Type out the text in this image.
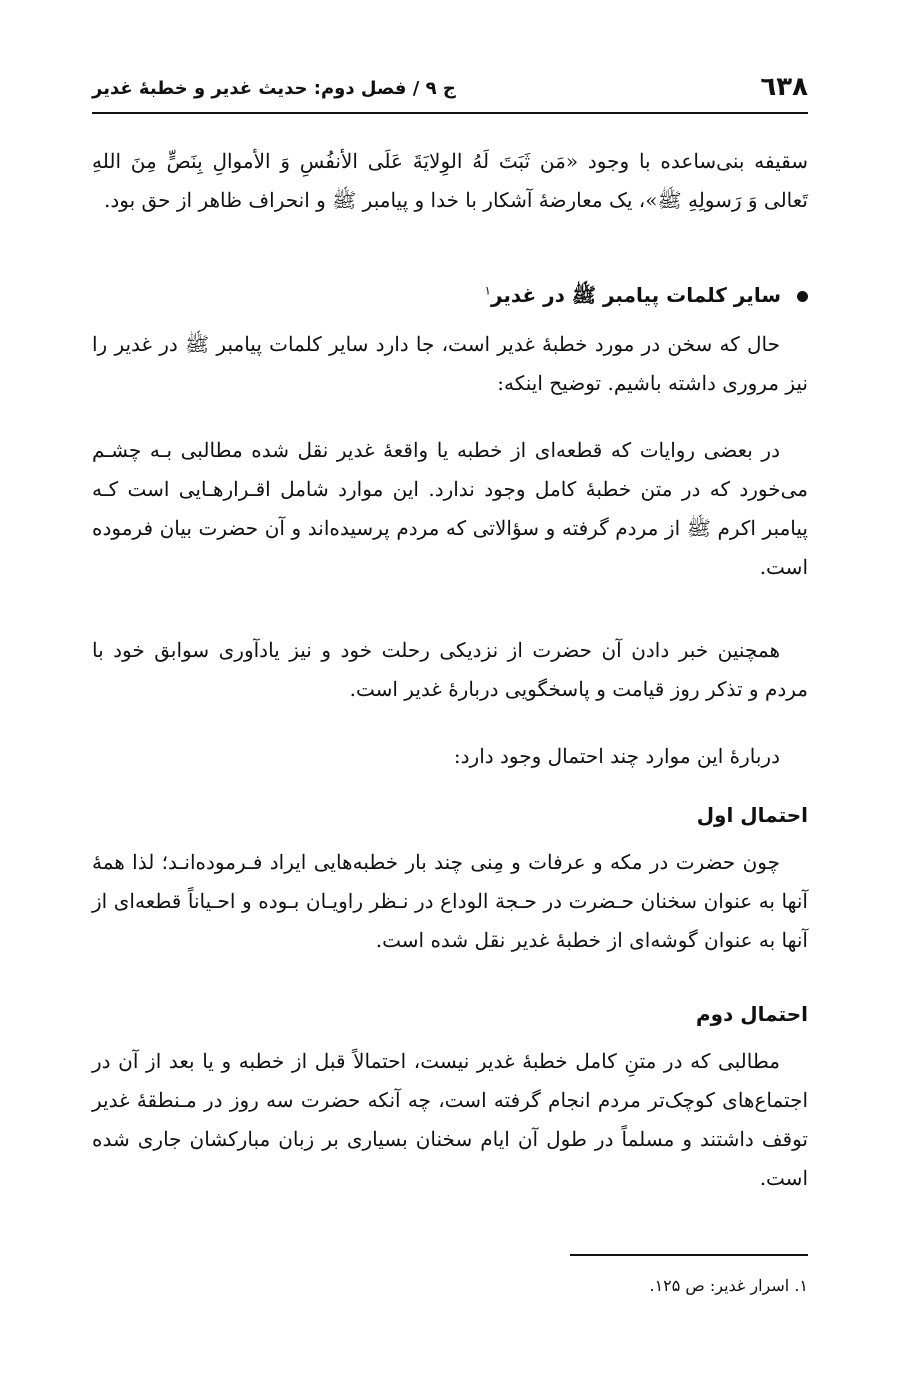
٦٣٨
ج ۹ / فصل دوم: حدیث غدیر و خطبهٔ غدیر

سقیفه بنی‌ساعده با وجود «مَن ثَبَتَ لَهُ الوِلایَةَ عَلَی الأنفُسِ وَ الأموالِ بِنَصٍّ مِنَ اللهِ تَعالی وَ رَسولِهِ ﷺ»، یک معارضهٔ آشکار با خدا و پیامبر ﷺ و انحراف ظاهر از حق بود.

سایر کلمات پیامبر ﷺ در غدیر$^۱$

حال که سخن در مورد خطبهٔ غدیر است، جا دارد سایر کلمات پیامبر ﷺ در غدیر را نیز مروری داشته باشیم. توضیح اینکه:

در بعضی روایات که قطعه‌ای از خطبه یا واقعهٔ غدیر نقل شده مطالبی بـه چشـم می‌خورد که در متن خطبهٔ کامل وجود ندارد. این موارد شامل اقـرارهـایی است کـه پیامبر اکرم ﷺ از مردم گرفته و سؤالاتی که مردم پرسیده‌اند و آن حضرت بیان فرموده است.

همچنین خبر دادن آن حضرت از نزدیکی رحلت خود و نیز یادآوری سوابق خود با مردم و تذکر روز قیامت و پاسخگویی دربارهٔ غدیر است.

دربارهٔ این موارد چند احتمال وجود دارد:

احتمال اول

چون حضرت در مکه و عرفات و مِنی چند بار خطبه‌هایی ایراد فـرموده‌انـد؛ لذا همهٔ آنها به عنوان سخنان حـضرت در حـجة الوداع در نـظر راویـان بـوده و احـیاناً قطعه‌ای از آنها به عنوان گوشه‌ای از خطبهٔ غدیر نقل شده است.

احتمال دوم

مطالبی که در متنِ کامل خطبهٔ غدیر نیست، احتمالاً قبل از خطبه و یا بعد از آن در اجتماع‌های کوچک‌تر مردم انجام گرفته است، چه آنکه حضرت سه روز در مـنطقهٔ غدیر توقف داشتند و مسلماً در طول آن ایام سخنان بسیاری بر زبان مبارکشان جاری شده است.

۱. اسرار غدیر: ص ۱۲۵.
